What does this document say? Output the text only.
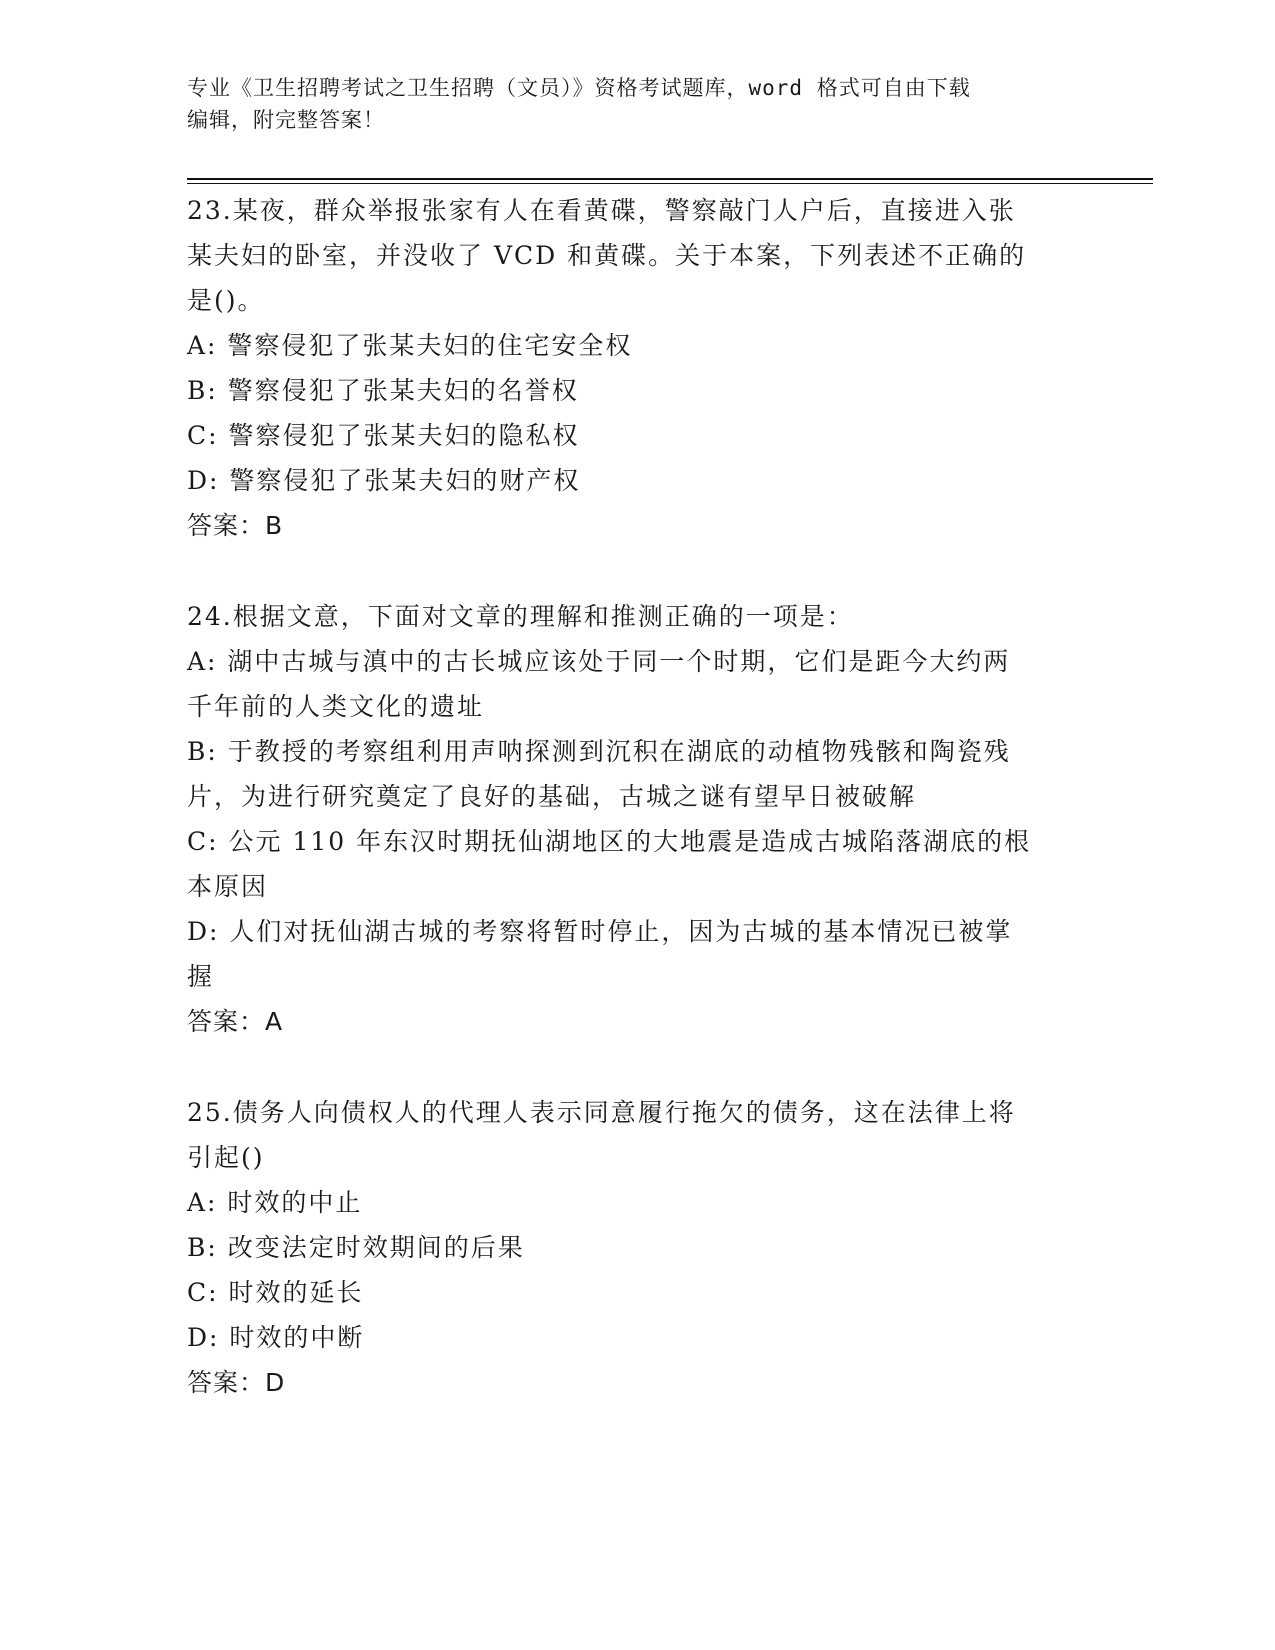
专业《卫生招聘考试之卫生招聘（文员）》资格考试题库，word 格式可自由下载
编辑，附完整答案！

23.某夜，群众举报张家有人在看黄碟，警察敲门人户后，直接进入张

某夫妇的卧室，并没收了 VCD 和黄碟。关于本案，下列表述不正确的

是()。

A: 警察侵犯了张某夫妇的住宅安全权

B: 警察侵犯了张某夫妇的名誉权

C: 警察侵犯了张某夫妇的隐私权

D: 警察侵犯了张某夫妇的财产权

答案：B

24.根据文意，下面对文章的理解和推测正确的一项是：

A: 湖中古城与滇中的古长城应该处于同一个时期，它们是距今大约两

千年前的人类文化的遗址

B: 于教授的考察组利用声呐探测到沉积在湖底的动植物残骸和陶瓷残

片，为进行研究奠定了良好的基础，古城之谜有望早日被破解

C: 公元 110 年东汉时期抚仙湖地区的大地震是造成古城陷落湖底的根

本原因

D: 人们对抚仙湖古城的考察将暂时停止，因为古城的基本情况已被掌

握

答案：A

25.债务人向债权人的代理人表示同意履行拖欠的债务，这在法律上将

引起()

A: 时效的中止

B: 改变法定时效期间的后果

C: 时效的延长

D: 时效的中断

答案：D
